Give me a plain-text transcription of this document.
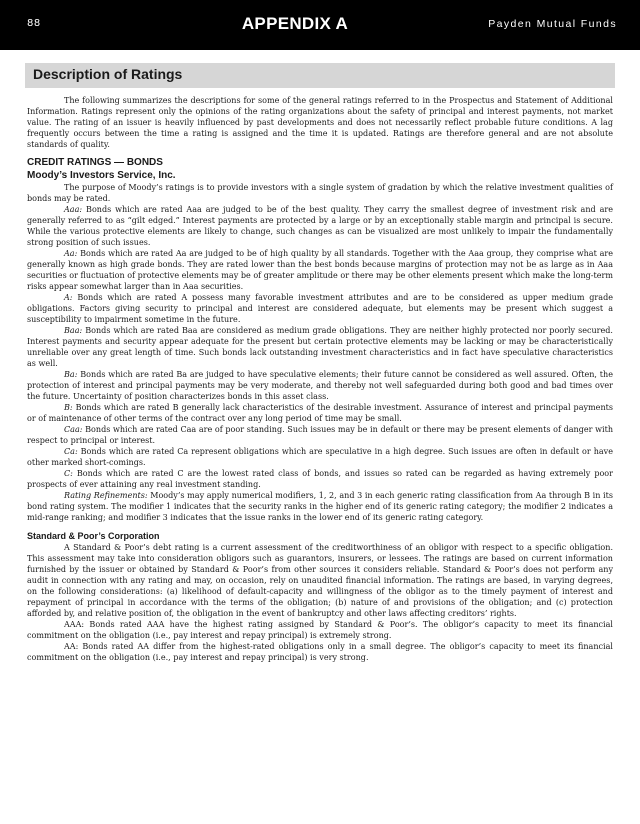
88	APPENDIX A	Payden Mutual Funds
Description of Ratings

The following summarizes the descriptions for some of the general ratings referred to in the Prospectus and Statement of Additional Information. Ratings represent only the opinions of the rating organizations about the safety of principal and interest payments, not market value. The rating of an issuer is heavily influenced by past developments and does not necessarily reflect probable future conditions. A lag frequently occurs between the time a rating is assigned and the time it is updated. Ratings are therefore general and are not absolute standards of quality.

CREDIT RATINGS — BONDS
Moody’s Investors Service, Inc.

The purpose of Moody’s ratings is to provide investors with a single system of gradation by which the relative investment qualities of bonds may be rated.

Aaa: Bonds which are rated Aaa are judged to be of the best quality. They carry the smallest degree of investment risk and are generally referred to as “gilt edged.” Interest payments are protected by a large or by an exceptionally stable margin and principal is secure. While the various protective elements are likely to change, such changes as can be visualized are most unlikely to impair the fundamentally strong position of such issues.

Aa: Bonds which are rated Aa are judged to be of high quality by all standards. Together with the Aaa group, they comprise what are generally known as high grade bonds. They are rated lower than the best bonds because margins of protection may not be as large as in Aaa securities or fluctuation of protective elements may be of greater amplitude or there may be other elements present which make the long-term risks appear somewhat larger than in Aaa securities.

A: Bonds which are rated A possess many favorable investment attributes and are to be considered as upper medium grade obligations. Factors giving security to principal and interest are considered adequate, but elements may be present which suggest a susceptibility to impairment sometime in the future.

Baa: Bonds which are rated Baa are considered as medium grade obligations. They are neither highly protected nor poorly secured. Interest payments and security appear adequate for the present but certain protective elements may be lacking or may be characteristically unreliable over any great length of time. Such bonds lack outstanding investment characteristics and in fact have speculative characteristics as well.

Ba: Bonds which are rated Ba are judged to have speculative elements; their future cannot be considered as well assured. Often, the protection of interest and principal payments may be very moderate, and thereby not well safeguarded during both good and bad times over the future. Uncertainty of position characterizes bonds in this asset class.

B: Bonds which are rated B generally lack characteristics of the desirable investment. Assurance of interest and principal payments or of maintenance of other terms of the contract over any long period of time may be small.

Caa: Bonds which are rated Caa are of poor standing. Such issues may be in default or there may be present elements of danger with respect to principal or interest.

Ca: Bonds which are rated Ca represent obligations which are speculative in a high degree. Such issues are often in default or have other marked short-comings.

C: Bonds which are rated C are the lowest rated class of bonds, and issues so rated can be regarded as having extremely poor prospects of ever attaining any real investment standing.

Rating Refinements: Moody’s may apply numerical modifiers, 1, 2, and 3 in each generic rating classification from Aa through B in its bond rating system. The modifier 1 indicates that the security ranks in the higher end of its generic rating category; the modifier 2 indicates a mid-range ranking; and modifier 3 indicates that the issue ranks in the lower end of its generic rating category.

Standard & Poor’s Corporation

A Standard & Poor’s debt rating is a current assessment of the creditworthiness of an obligor with respect to a specific obligation. This assessment may take into consideration obligors such as guarantors, insurers, or lessees. The ratings are based on current information furnished by the issuer or obtained by Standard & Poor’s from other sources it considers reliable. Standard & Poor’s does not perform any audit in connection with any rating and may, on occasion, rely on unaudited financial information. The ratings are based, in varying degrees, on the following considerations: (a) likelihood of default-capacity and willingness of the obligor as to the timely payment of interest and repayment of principal in accordance with the terms of the obligation; (b) nature of and provisions of the obligation; and (c) protection afforded by, and relative position of, the obligation in the event of bankruptcy and other laws affecting creditors’ rights.

AAA: Bonds rated AAA have the highest rating assigned by Standard & Poor’s. The obligor’s capacity to meet its financial commitment on the obligation (i.e., pay interest and repay principal) is extremely strong.

AA: Bonds rated AA differ from the highest-rated obligations only in a small degree. The obligor’s capacity to meet its financial commitment on the obligation (i.e., pay interest and repay principal) is very strong.
